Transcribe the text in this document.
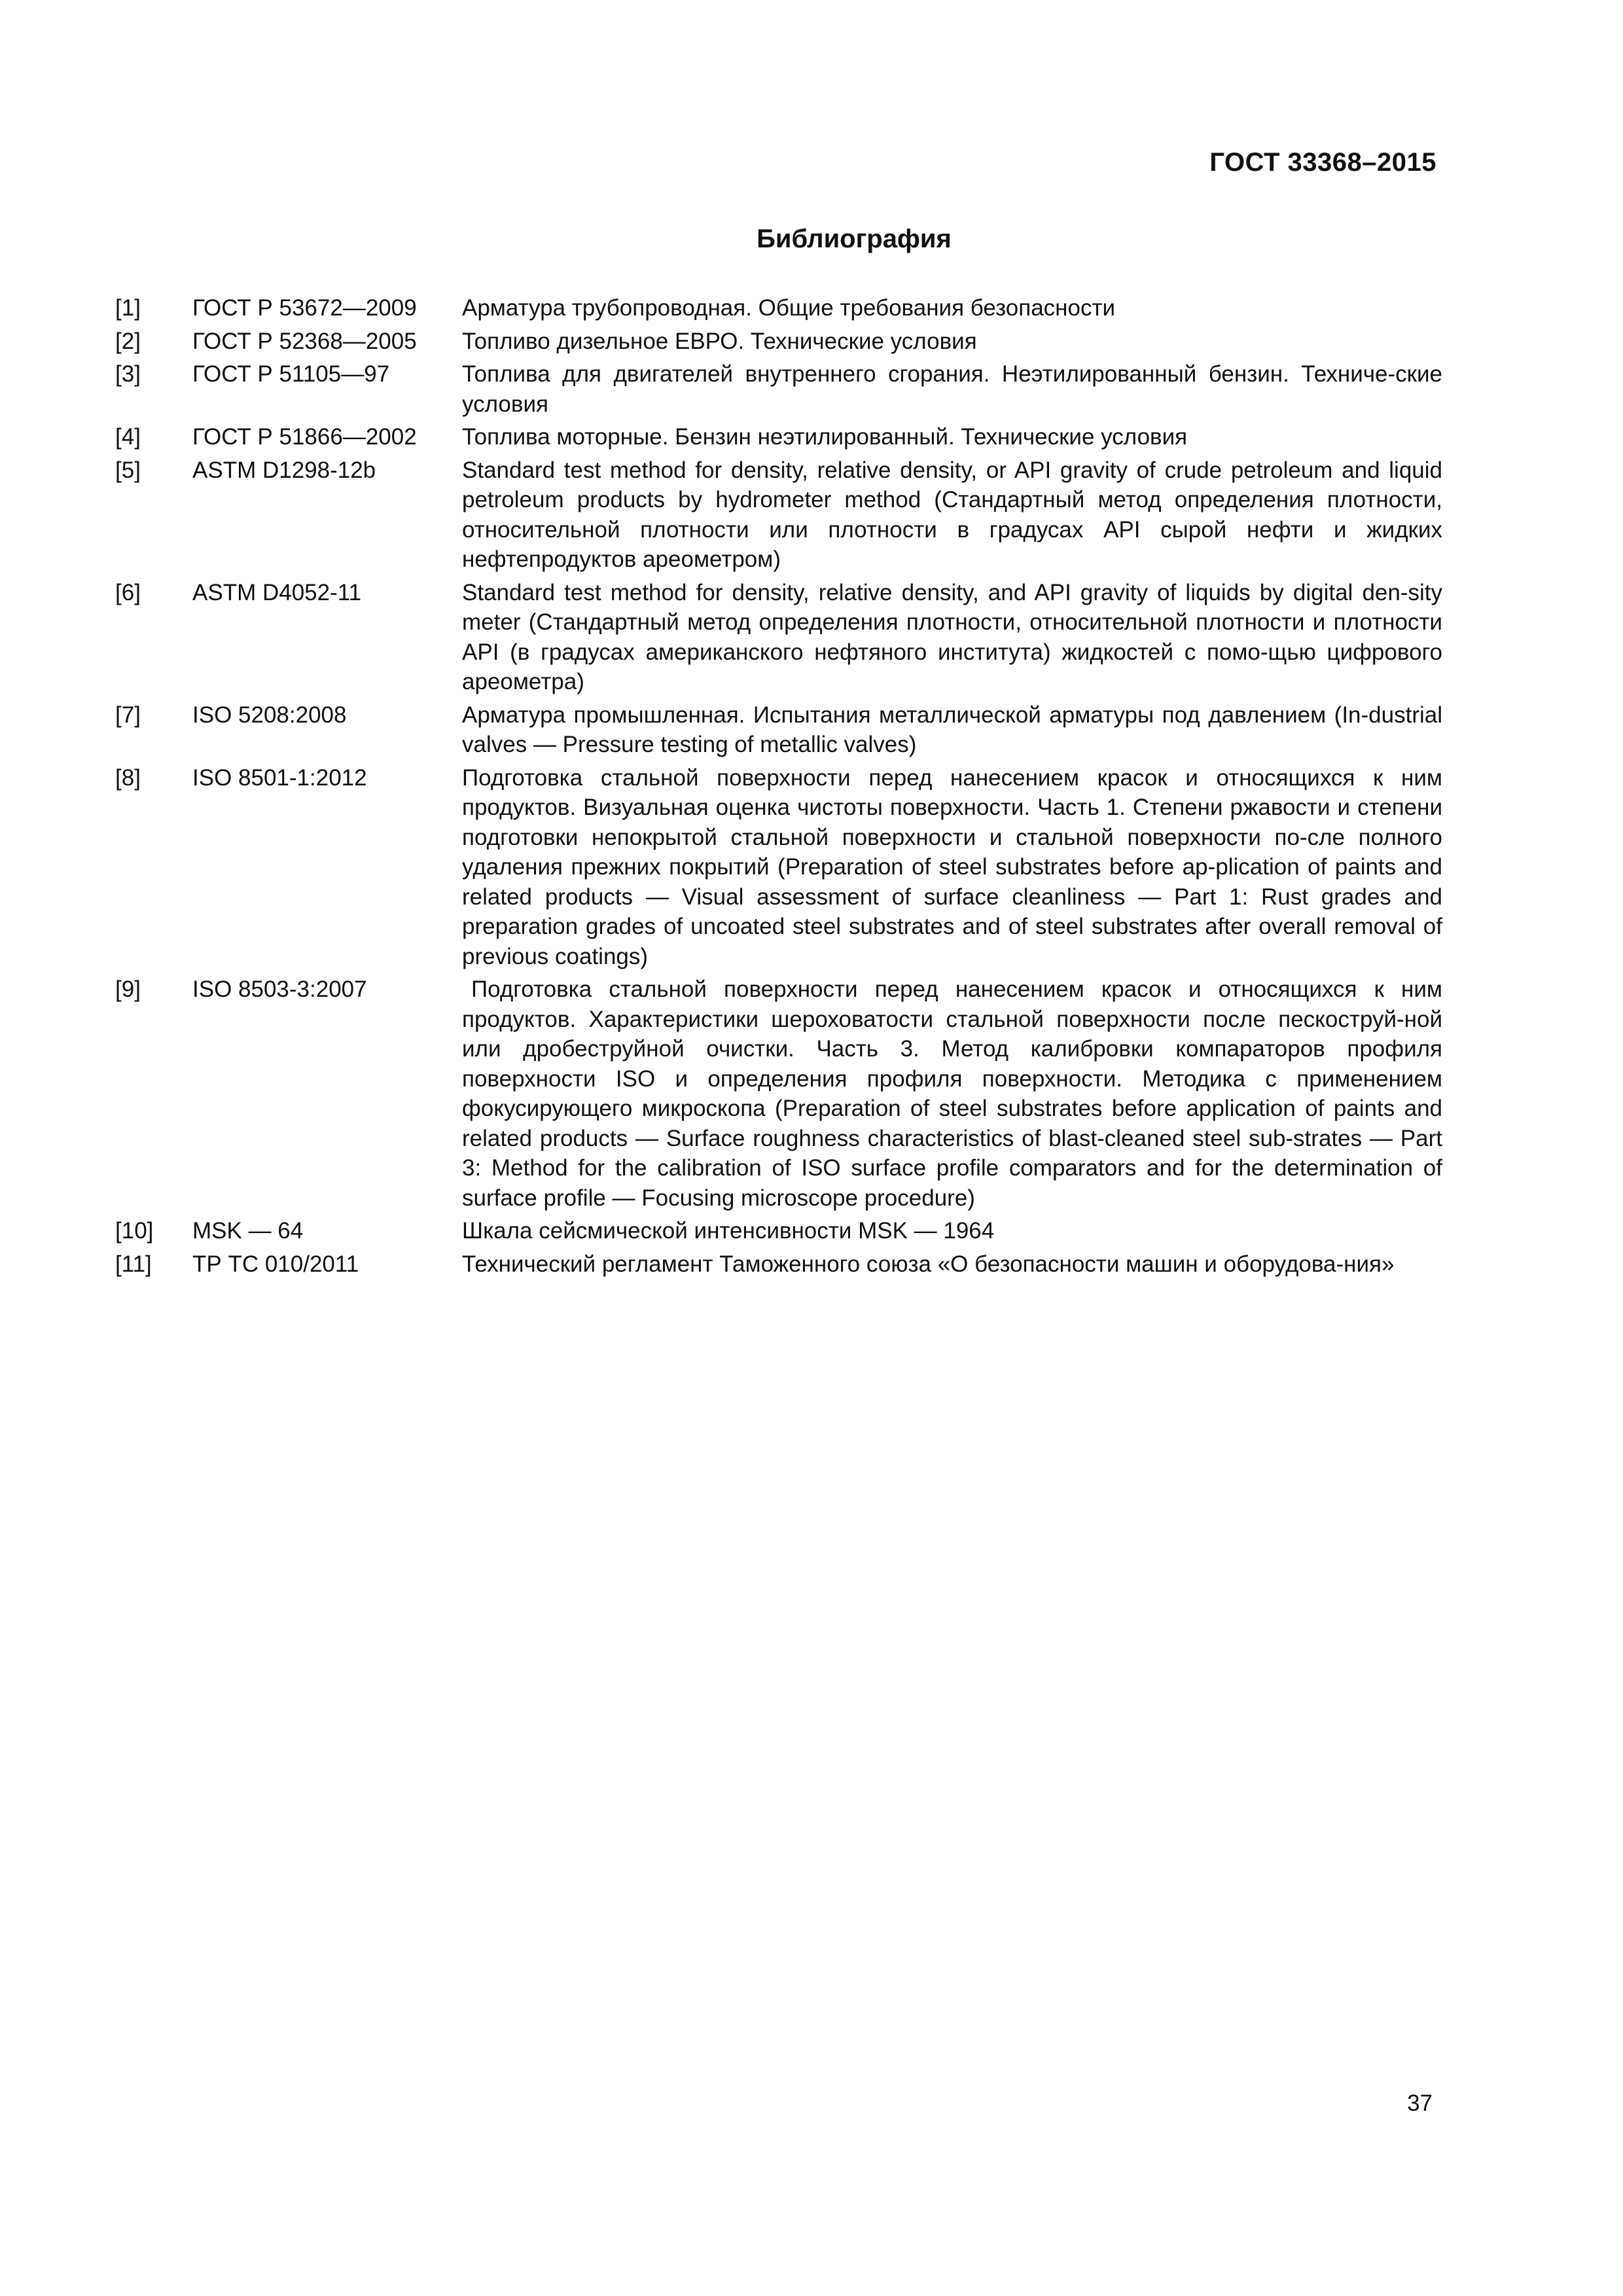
ГОСТ 33368–2015
Библиография
[1]	ГОСТ Р 53672—2009	Арматура трубопроводная. Общие требования безопасности
[2]	ГОСТ Р 52368—2005	Топливо дизельное ЕВРО. Технические условия
[3]	ГОСТ Р 51105—97	Топлива для двигателей внутреннего сгорания. Неэтилированный бензин. Техниче-ские условия
[4]	ГОСТ Р 51866—2002	Топлива моторные. Бензин неэтилированный. Технические условия
[5]	ASTM D1298-12b	Standard test method for density, relative density, or API gravity of crude petroleum and liquid petroleum products by hydrometer method (Стандартный метод определения плотности, относительной плотности или плотности в градусах API сырой нефти и жидких нефтепродуктов ареометром)
[6]	ASTM D4052-11	Standard test method for density, relative density, and API gravity of liquids by digital den-sity meter (Стандартный метод определения плотности, относительной плотности и плотности API (в градусах американского нефтяного института) жидкостей с помо-щью цифрового ареометра)
[7]	ISO 5208:2008	Арматура промышленная. Испытания металлической арматуры под давлением (In-dustrial valves — Pressure testing of metallic valves)
[8]	ISO 8501-1:2012	Подготовка стальной поверхности перед нанесением красок и относящихся к ним продуктов. Визуальная оценка чистоты поверхности. Часть 1. Степени ржавости и степени подготовки непокрытой стальной поверхности и стальной поверхности по-сле полного удаления прежних покрытий (Preparation of steel substrates before ap-plication of paints and related products — Visual assessment of surface cleanliness — Part 1: Rust grades and preparation grades of uncoated steel substrates and of steel substrates after overall removal of previous coatings)
[9]	ISO 8503-3:2007	Подготовка стальной поверхности перед нанесением красок и относящихся к ним продуктов. Характеристики шероховатости стальной поверхности после пескоструй-ной или дробеструйной очистки. Часть 3. Метод калибровки компараторов профиля поверхности ISO и определения профиля поверхности. Методика с применением фокусирующего микроскопа (Preparation of steel substrates before application of paints and related products — Surface roughness characteristics of blast-cleaned steel sub-strates — Part 3: Method for the calibration of ISO surface profile comparators and for the determination of surface profile — Focusing microscope procedure)
[10]	MSK — 64	Шкала сейсмической интенсивности MSK — 1964
[11]	ТР ТС 010/2011	Технический регламент Таможенного союза «О безопасности машин и оборудова-ния»
37
